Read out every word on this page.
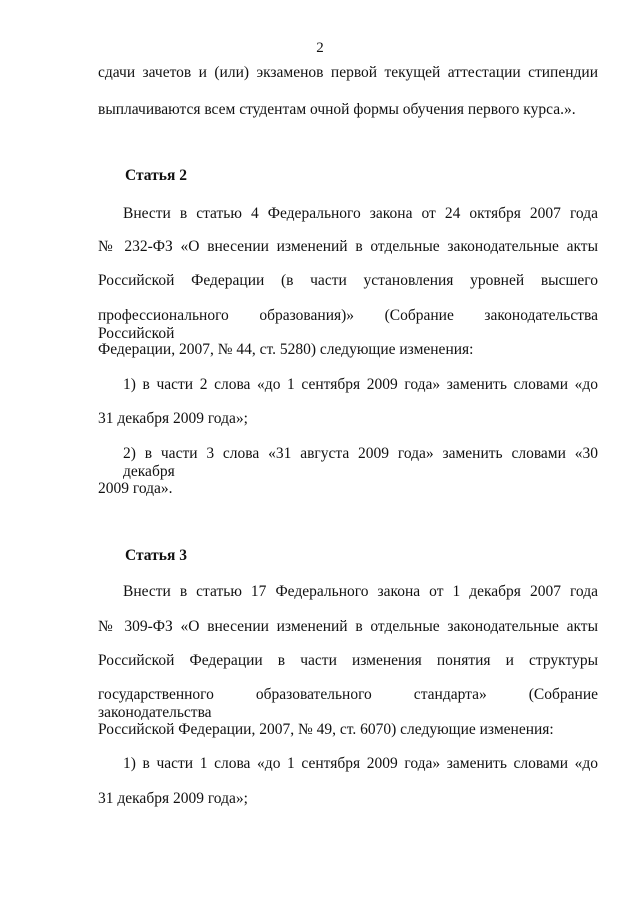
2
сдачи зачетов и (или) экзаменов первой текущей аттестации стипендии
выплачиваются всем студентам очной формы обучения первого курса.».
Статья 2
Внести в статью 4 Федерального закона от 24 октября 2007 года
№ 232-ФЗ «О внесении изменений в отдельные законодательные акты
Российской Федерации (в части установления уровней высшего
профессионального образования)» (Собрание законодательства Российской
Федерации, 2007, № 44, ст. 5280) следующие изменения:
1) в части 2 слова «до 1 сентября 2009 года» заменить словами «до
31 декабря 2009 года»;
2) в части 3 слова «31 августа 2009 года» заменить словами «30 декабря
2009 года».
Статья 3
Внести в статью 17 Федерального закона от 1 декабря 2007 года
№ 309-ФЗ «О внесении изменений в отдельные законодательные акты
Российской Федерации в части изменения понятия и структуры
государственного образовательного стандарта» (Собрание законодательства
Российской Федерации, 2007, № 49, ст. 6070) следующие изменения:
1) в части 1 слова «до 1 сентября 2009 года» заменить словами «до
31 декабря 2009 года»;
